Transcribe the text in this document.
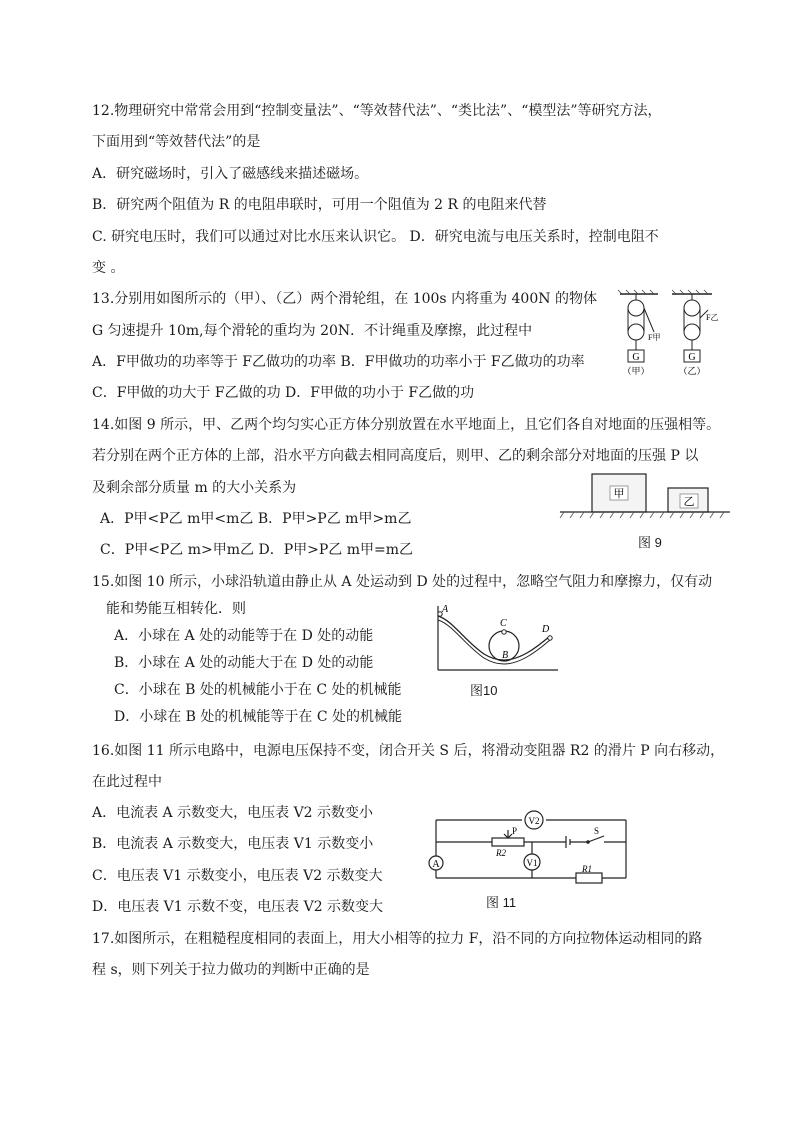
12.物理研究中常常会用到“控制变量法”、“等效替代法”、“类比法”、“模型法”等研究方法，
下面用到“等效替代法”的是
A．研究磁场时，引入了磁感线来描述磁场。
B．研究两个阻值为 R 的电阻串联时，可用一个阻值为 2 R 的电阻来代替
C. 研究电压时，我们可以通过对比水压来认识它。 D．研究电流与电压关系时，控制电阻不
变 。
13.分别用如图所示的（甲）、（乙）两个滑轮组，在 100s 内将重为 400N 的物体
G 匀速提升 10m,每个滑轮的重均为 20N．不计绳重及摩擦，此过程中
A．F甲做功的功率等于 F乙做功的功率 B．F甲做功的功率小于 F乙做功的功率
C．F甲做的功大于 F乙做的功 D．F甲做的功小于 F乙做的功
G
F甲
（甲）
G
F乙
（乙）
14.如图 9 所示，甲、乙两个均匀实心正方体分别放置在水平地面上，且它们各自对地面的压强相等。
若分别在两个正方体的上部，沿水平方向截去相同高度后，则甲、乙的剩余部分对地面的压强 P 以
及剩余部分质量 m 的大小关系为
A．P甲<P乙 m甲<m乙 B．P甲>P乙 m甲>m乙
C．P甲<P乙 m>甲m乙 D．P甲>P乙 m甲=m乙
甲
乙
图 9
15.如图 10 所示，小球沿轨道由静止从 A 处运动到 D 处的过程中，忽略空气阻力和摩擦力，仅有动
能和势能互相转化．则
A．小球在 A 处的动能等于在 D 处的动能
B．小球在 A 处的动能大于在 D 处的动能
C．小球在 B 处的机械能小于在 C 处的机械能
D．小球在 B 处的机械能等于在 C 处的机械能
A
C
B
D
图10
16.如图 11 所示电路中，电源电压保持不变，闭合开关 S 后，将滑动变阻器 R2 的滑片 P 向右移动，
在此过程中
A．电流表 A 示数变大，电压表 V2 示数变小
B．电流表 A 示数变大，电压表 V1 示数变小
C．电压表 V1 示数变小，电压表 V2 示数变大
D．电压表 V1 示数不变，电压表 V2 示数变大
V2
A	V1
P
R2
S
R1
图 11
17.如图所示，在粗糙程度相同的表面上，用大小相等的拉力 F，沿不同的方向拉物体运动相同的路
程 s，则下列关于拉力做功的判断中正确的是
